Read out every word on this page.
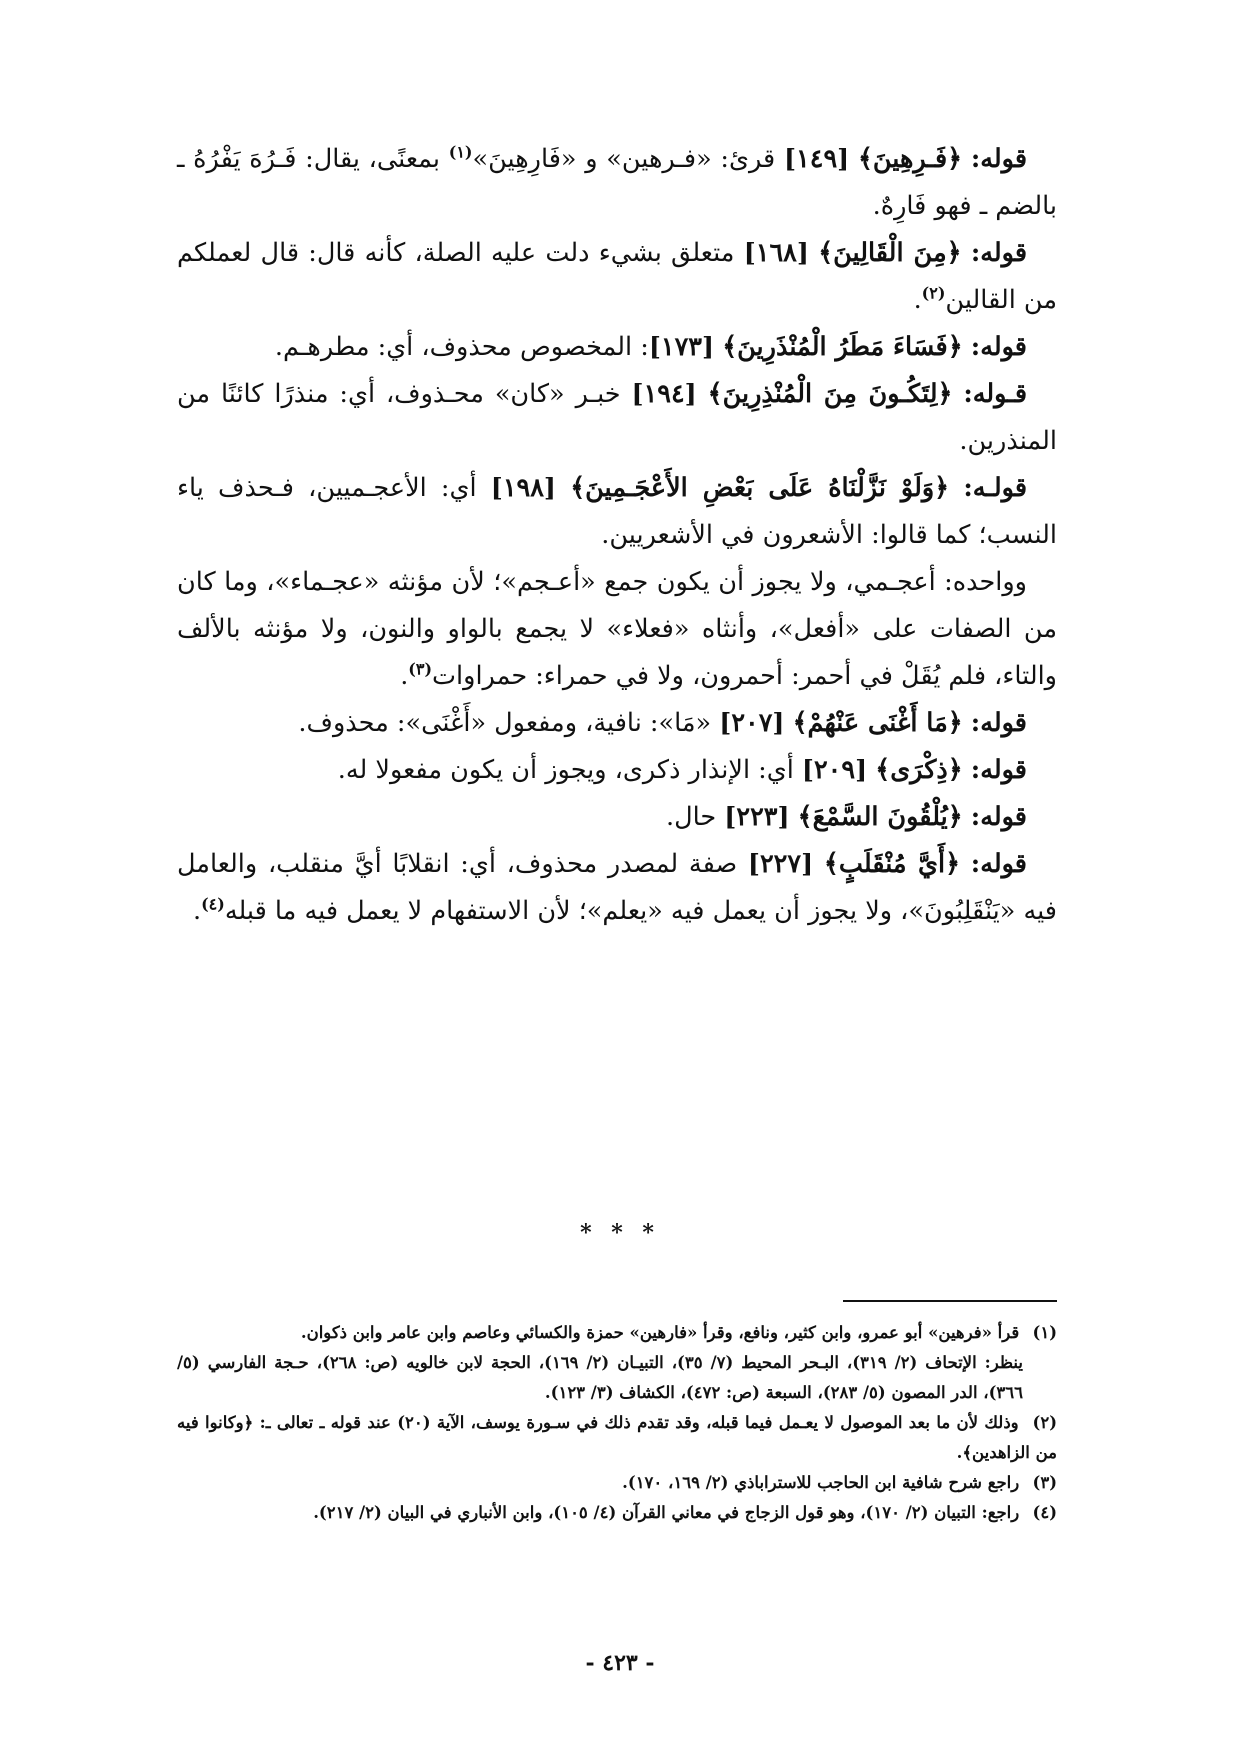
قوله: ﴿فَـرِهِينَ﴾ [١٤٩] قرئ: «فـرهين» و «فَارِهِينَ»$^{(١)}$ بمعنًى، يقال: فَـرُهَ يَفْرُهُ ـ بالضم ـ فهو فَارِهٌ.

قوله: ﴿مِنَ الْقَالِينَ﴾ [١٦٨] متعلق بشيء دلت عليه الصلة، كأنه قال: قال لعملكم من القالين$^{(٢)}$.

قوله: ﴿فَسَاءَ مَطَرُ الْمُنْذَرِينَ﴾ [١٧٣]: المخصوص محذوف، أي: مطرهـم.

قـوله: ﴿لِتَكُـونَ مِنَ الْمُنْذِرِينَ﴾ [١٩٤] خبـر «كان» محـذوف، أي: منذرًا كائنًا من المنذرين.

قولـه: ﴿وَلَوْ نَزَّلْنَاهُ عَلَى بَعْضِ الأَعْجَـمِينَ﴾ [١٩٨] أي: الأعجـميين، فـحذف ياء النسب؛ كما قالوا: الأشعرون في الأشعريين.

وواحده: أعجـمي، ولا يجوز أن يكون جمع «أعـجم»؛ لأن مؤنثه «عجـماء»، وما كان من الصفات على «أفعل»، وأنثاه «فعلاء» لا يجمع بالواو والنون، ولا مؤنثه بالألف والتاء، فلم يُقَلْ في أحمر: أحمرون، ولا في حمراء: حمراوات$^{(٣)}$.

قوله: ﴿مَا أَغْنَى عَنْهُمْ﴾ [٢٠٧] «مَا»: نافية، ومفعول «أَغْنَى»: محذوف.

قوله: ﴿ذِكْرَى﴾ [٢٠٩] أي: الإنذار ذكرى، ويجوز أن يكون مفعولا له.

قوله: ﴿يُلْقُونَ السَّمْعَ﴾ [٢٢٣] حال.

قوله: ﴿أَيَّ مُنْقَلَبٍ﴾ [٢٢٧] صفة لمصدر محذوف، أي: انقلابًا أيَّ منقلب، والعامل فيه «يَنْقَلِبُونَ»، ولا يجوز أن يعمل فيه «يعلم»؛ لأن الاستفهام لا يعمل فيه ما قبله$^{(٤)}$.

* * *

(١) قرأ «فرهين» أبو عمرو، وابن كثير، ونافع، وقرأ «فارهين» حمزة والكسائي وعاصم وابن عامر وابن ذكوان.

ينظر: الإتحاف (٢/ ٣١٩)، البـحر المحيط (٧/ ٣٥)، التبيـان (٢/ ١٦٩)، الحجة لابن خالويه (ص: ٢٦٨)، حـجة الفارسي (٥/ ٣٦٦)، الدر المصون (٥/ ٢٨٣)، السبعة (ص: ٤٧٢)، الكشاف (٣/ ١٢٣).

(٢) وذلك لأن ما بعد الموصول لا يعـمل فيما قبله، وقد تقدم ذلك في سـورة يوسف، الآية (٢٠) عند قوله ـ تعالى ـ: ﴿وكانوا فيه من الزاهدين﴾.

(٣) راجع شرح شافية ابن الحاجب للاستراباذي (٢/ ١٦٩، ١٧٠).

(٤) راجع: التبيان (٢/ ١٧٠)، وهو قول الزجاج في معاني القرآن (٤/ ١٠٥)، وابن الأنباري في البيان (٢/ ٢١٧).

- ٤٢٣ -
